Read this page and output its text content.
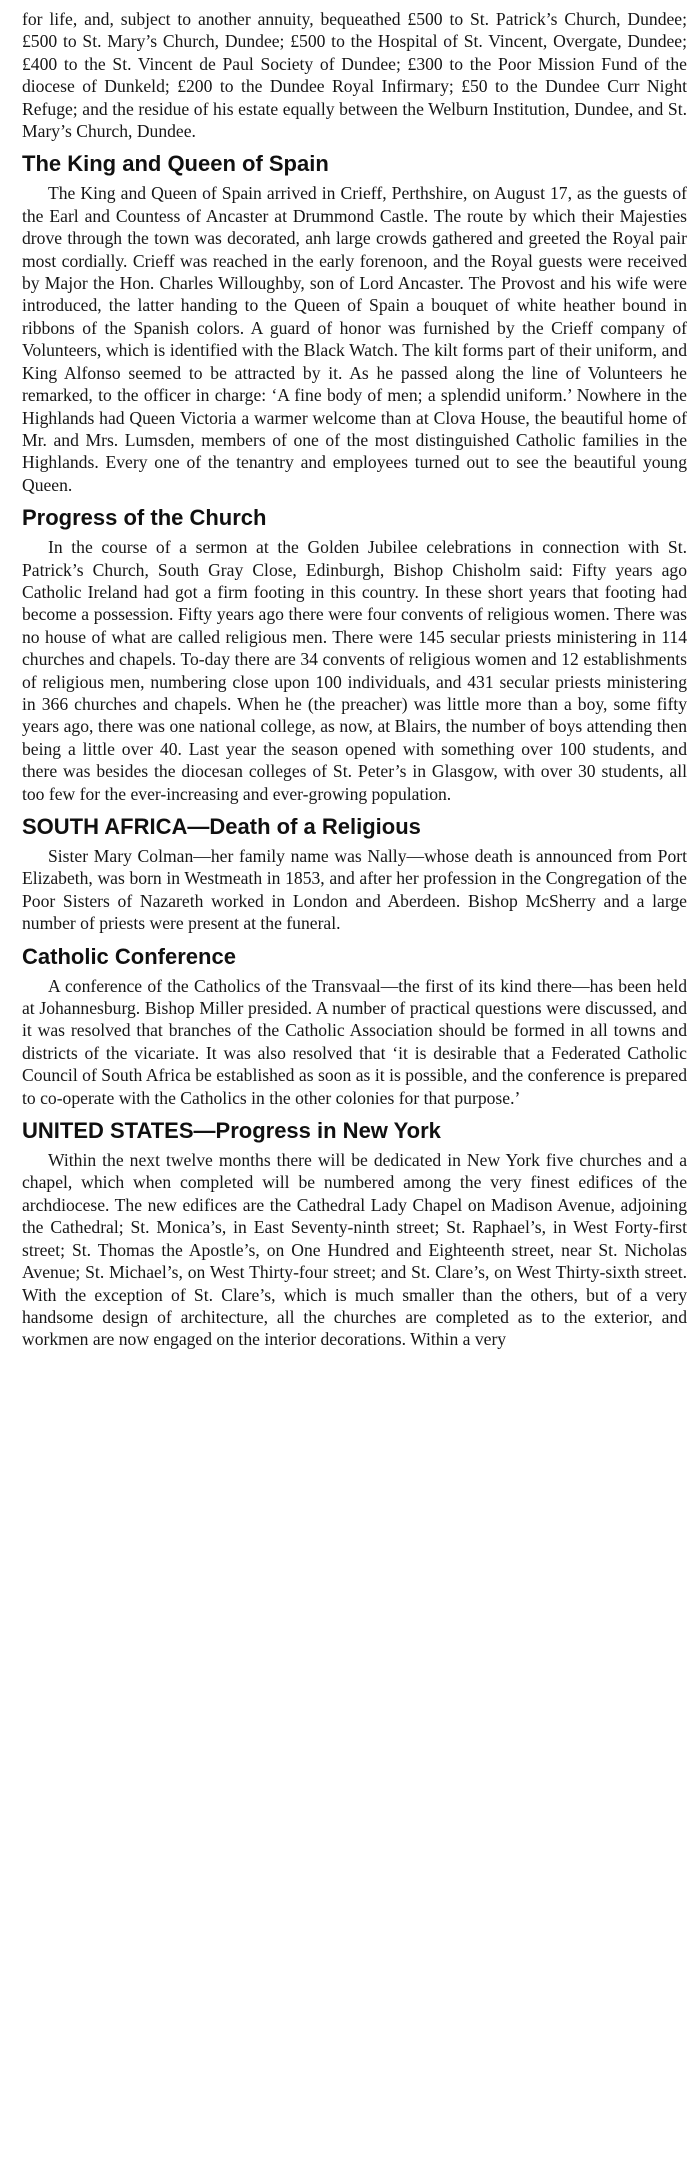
for life, and, subject to another annuity, bequeathed £500 to St. Patrick’s Church, Dundee; £500 to St. Mary’s Church, Dundee; £500 to the Hospital of St. Vincent, Overgate, Dundee; £400 to the St. Vincent de Paul Society of Dundee; £300 to the Poor Mission Fund of the diocese of Dunkeld; £200 to the Dundee Royal Infirmary; £50 to the Dundee Curr Night Refuge; and the residue of his estate equally between the Welburn Institution, Dundee, and St. Mary’s Church, Dundee.

The King and Queen of Spain

The King and Queen of Spain arrived in Crieff, Perthshire, on August 17, as the guests of the Earl and Countess of Ancaster at Drummond Castle. The route by which their Majesties drove through the town was decorated, anh large crowds gathered and greeted the Royal pair most cordially. Crieff was reached in the early forenoon, and the Royal guests were received by Major the Hon. Charles Willoughby, son of Lord Ancaster. The Provost and his wife were introduced, the latter handing to the Queen of Spain a bouquet of white heather bound in ribbons of the Spanish colors. A guard of honor was furnished by the Crieff company of Volunteers, which is identified with the Black Watch. The kilt forms part of their uniform, and King Alfonso seemed to be attracted by it. As he passed along the line of Volunteers he remarked, to the officer in charge: ‘A fine body of men; a splendid uniform.’ Nowhere in the Highlands had Queen Victoria a warmer welcome than at Clova House, the beautiful home of Mr. and Mrs. Lumsden, members of one of the most distinguished Catholic families in the Highlands. Every one of the tenantry and employees turned out to see the beautiful young Queen.

Progress of the Church

In the course of a sermon at the Golden Jubilee celebrations in connection with St. Patrick’s Church, South Gray Close, Edinburgh, Bishop Chisholm said: Fifty years ago Catholic Ireland had got a firm footing in this country. In these short years that footing had become a possession. Fifty years ago there were four convents of religious women. There was no house of what are called religious men. There were 145 secular priests ministering in 114 churches and chapels. To-day there are 34 convents of religious women and 12 establishments of religious men, numbering close upon 100 individuals, and 431 secular priests ministering in 366 churches and chapels. When he (the preacher) was little more than a boy, some fifty years ago, there was one national college, as now, at Blairs, the number of boys attending then being a little over 40. Last year the season opened with something over 100 students, and there was besides the diocesan colleges of St. Peter’s in Glasgow, with over 30 students, all too few for the ever-increasing and ever-growing population.

SOUTH AFRICA—Death of a Religious

Sister Mary Colman—her family name was Nally—whose death is announced from Port Elizabeth, was born in Westmeath in 1853, and after her profession in the Congregation of the Poor Sisters of Nazareth worked in London and Aberdeen. Bishop McSherry and a large number of priests were present at the funeral.

Catholic Conference

A conference of the Catholics of the Transvaal—the first of its kind there—has been held at Johannesburg. Bishop Miller presided. A number of practical questions were discussed, and it was resolved that branches of the Catholic Association should be formed in all towns and districts of the vicariate. It was also resolved that ‘it is desirable that a Federated Catholic Council of South Africa be established as soon as it is possible, and the conference is prepared to co-operate with the Catholics in the other colonies for that purpose.’

UNITED STATES—Progress in New York

Within the next twelve months there will be dedicated in New York five churches and a chapel, which when completed will be numbered among the very finest edifices of the archdiocese. The new edifices are the Cathedral Lady Chapel on Madison Avenue, adjoining the Cathedral; St. Monica’s, in East Seventy-ninth street; St. Raphael’s, in West Forty-first street; St. Thomas the Apostle’s, on One Hundred and Eighteenth street, near St. Nicholas Avenue; St. Michael’s, on West Thirty-four street; and St. Clare’s, on West Thirty-sixth street. With the exception of St. Clare’s, which is much smaller than the others, but of a very handsome design of architecture, all the churches are completed as to the exterior, and workmen are now engaged on the interior decorations. Within a very
